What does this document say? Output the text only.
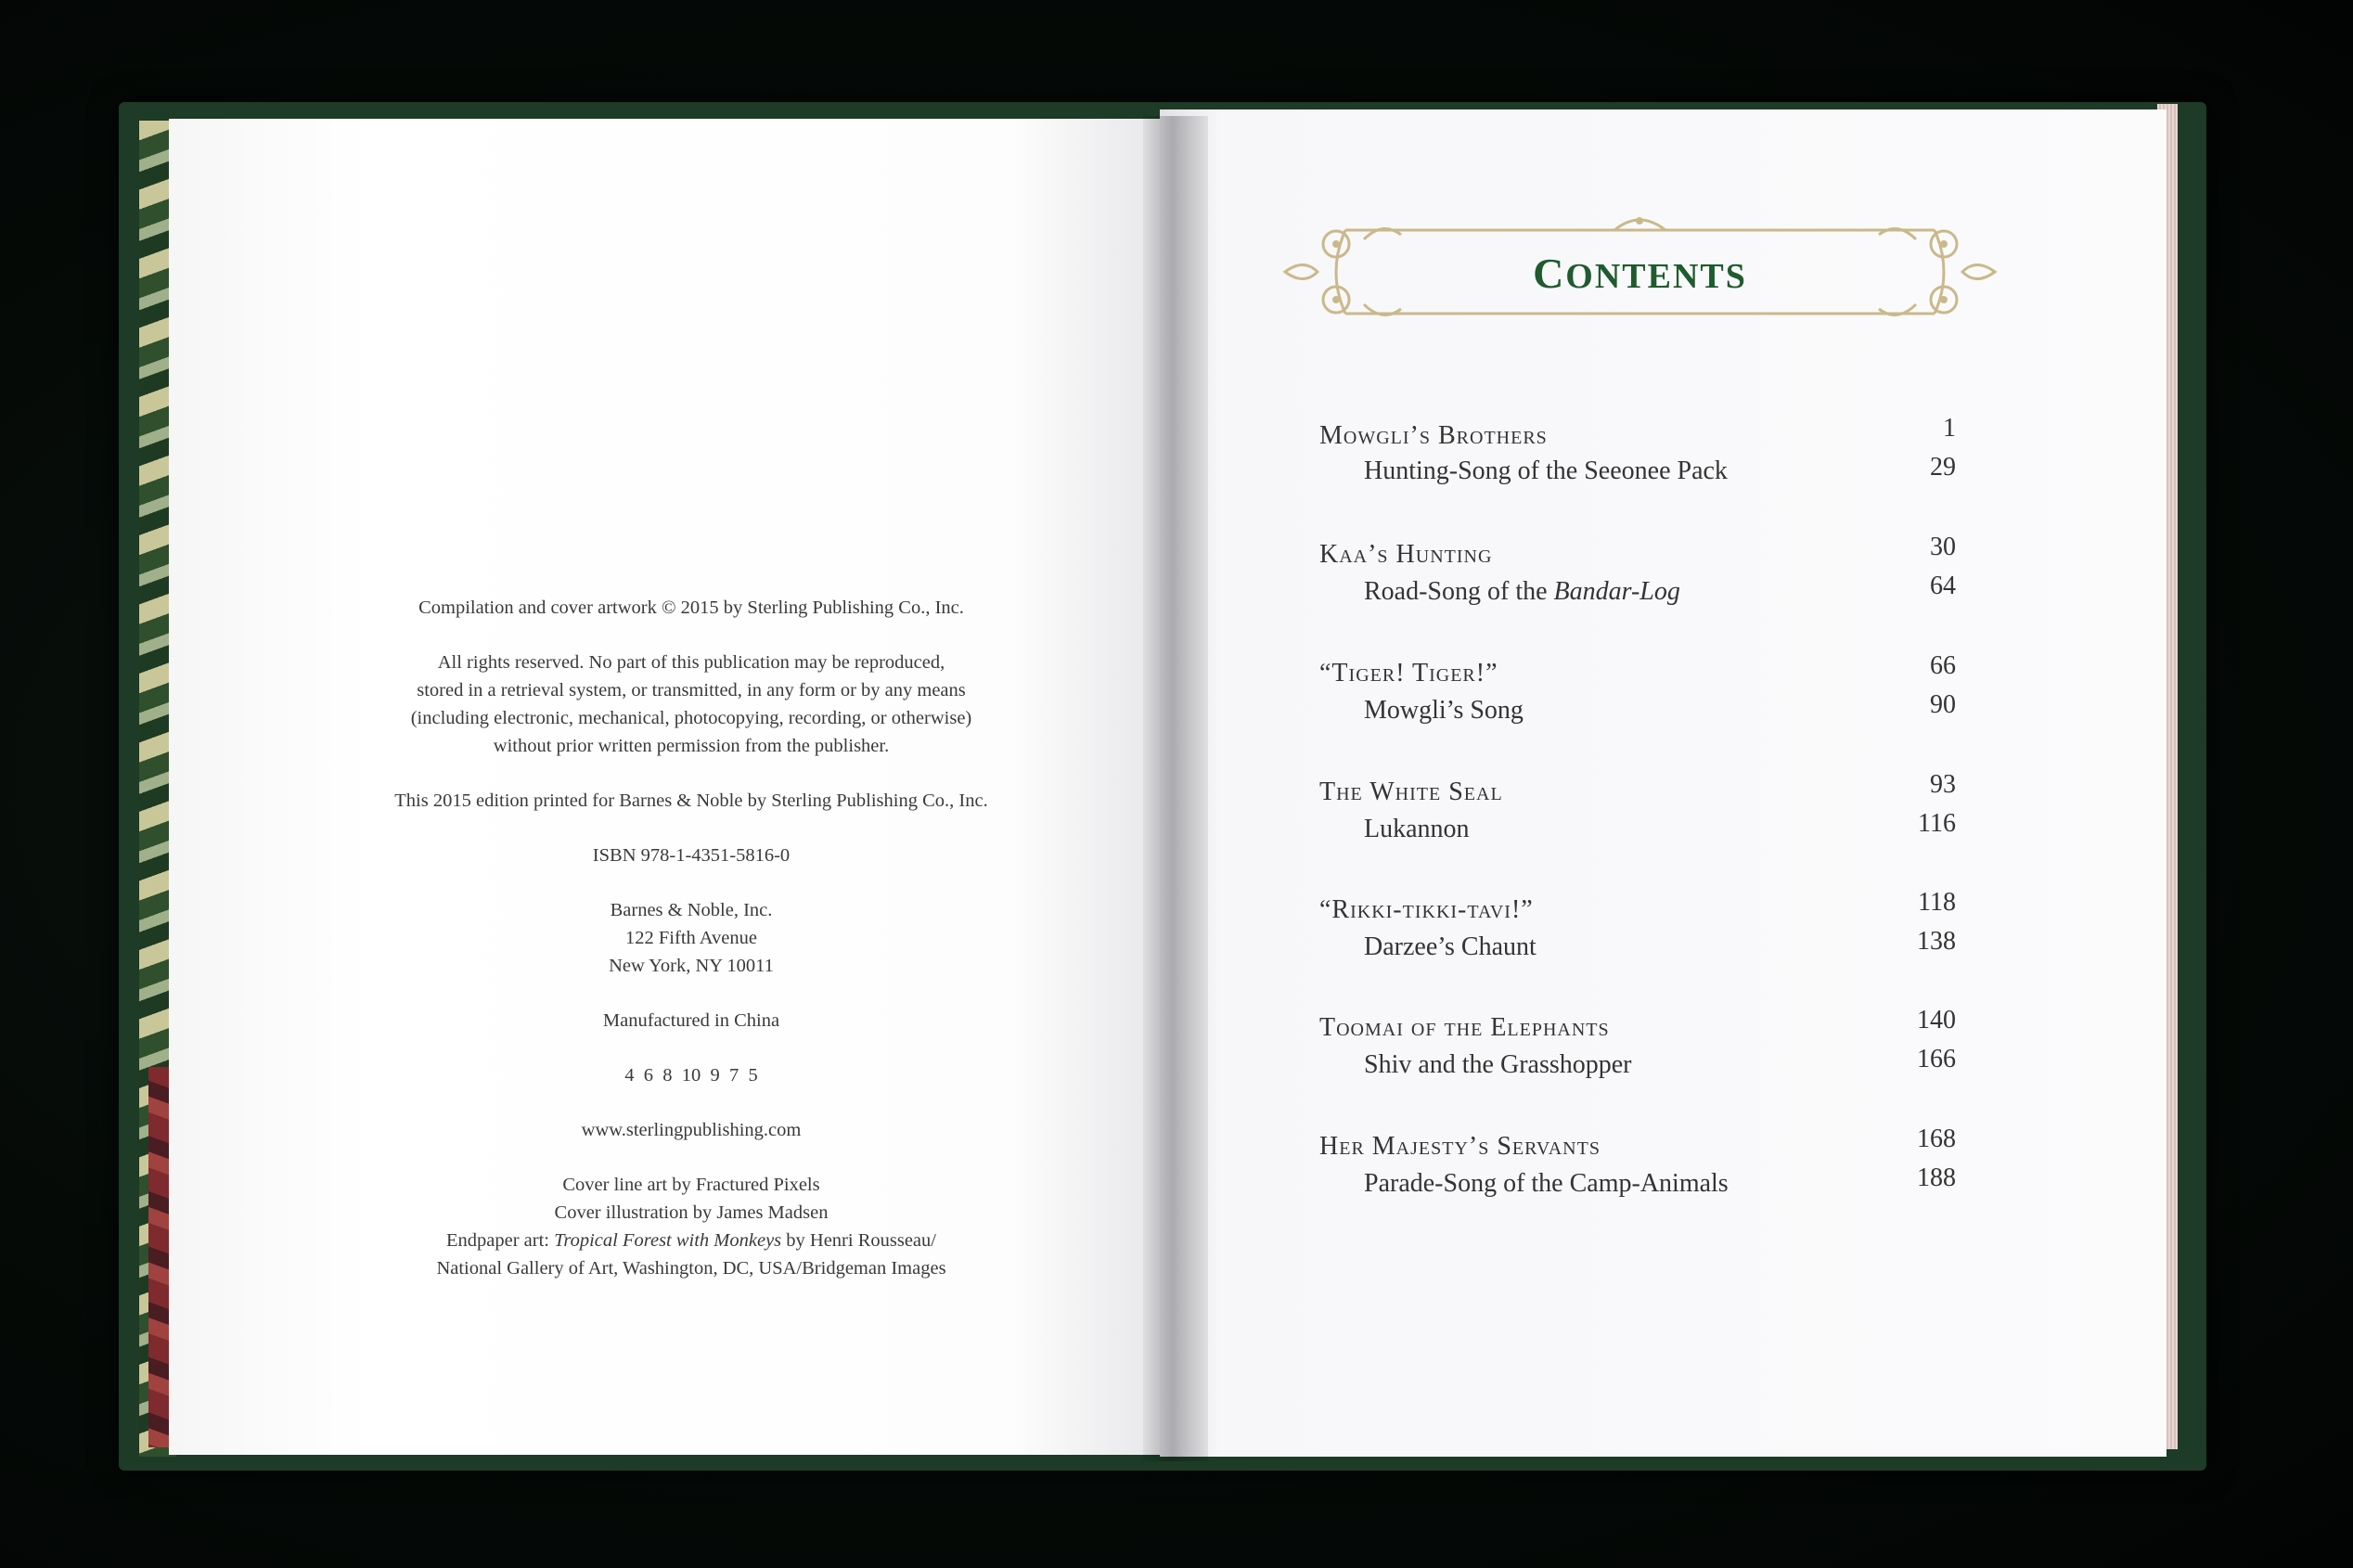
Compilation and cover artwork © 2015 by Sterling Publishing Co., Inc.

All rights reserved. No part of this publication may be reproduced,
stored in a retrieval system, or transmitted, in any form or by any means
(including electronic, mechanical, photocopying, recording, or otherwise)
without prior written permission from the publisher.

This 2015 edition printed for Barnes & Noble by Sterling Publishing Co., Inc.

ISBN 978-1-4351-5816-0

Barnes & Noble, Inc.
122 Fifth Avenue
New York, NY 10011

Manufactured in China

4  6  8  10  9  7  5

www.sterlingpublishing.com

Cover line art by Fractured Pixels
Cover illustration by James Madsen
Endpaper art: Tropical Forest with Monkeys by Henri Rousseau/
National Gallery of Art, Washington, DC, USA/Bridgeman Images

CONTENTS
Mowgli’s Brothers	1
Hunting-Song of the Seeonee Pack	29
Kaa’s Hunting	30
Road-Song of the Bandar-Log	64
“Tiger! Tiger!”	66
Mowgli’s Song	90
The White Seal	93
Lukannon	116
“Rikki-tikki-tavi!”	118
Darzee’s Chaunt	138
Toomai of the Elephants	140
Shiv and the Grasshopper	166
Her Majesty’s Servants	168
Parade-Song of the Camp-Animals	188
